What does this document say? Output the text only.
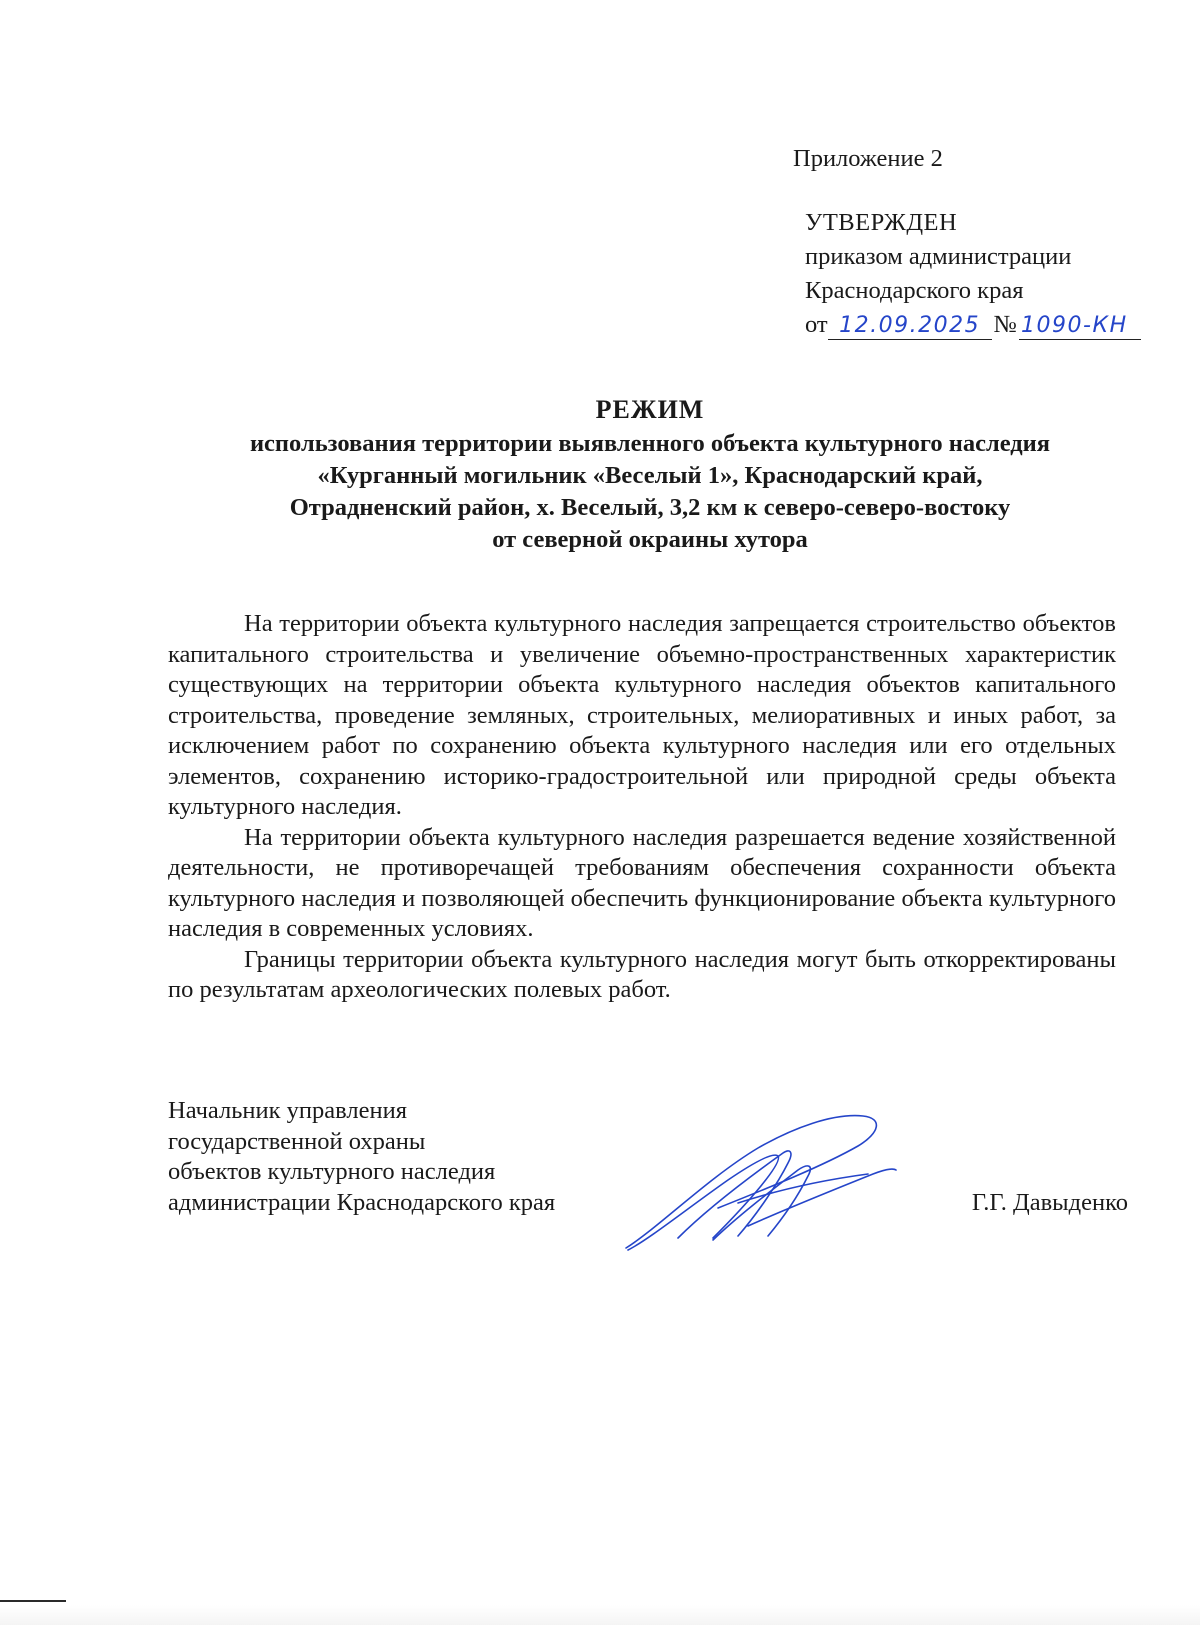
Приложение 2
УТВЕРЖДЕН
приказом администрации
Краснодарского края
от 12.09.2025 № 1090-КН
РЕЖИМ
использования территории выявленного объекта культурного наследия
«Курганный могильник «Веселый 1», Краснодарский край,
Отрадненский район, х. Веселый, 3,2 км к северо-северо-востоку
от северной окраины хутора

На территории объекта культурного наследия запрещается строительство объектов капитального строительства и увеличение объемно-пространственных характеристик существующих на территории объекта культурного наследия объектов капитального строительства, проведение земляных, строительных, мелиоративных и иных работ, за исключением работ по сохранению объекта культурного наследия или его отдельных элементов, сохранению историко-градостроительной или природной среды объекта культурного наследия.

На территории объекта культурного наследия разрешается ведение хозяйственной деятельности, не противоречащей требованиям обеспечения сохранности объекта культурного наследия и позволяющей обеспечить функционирование объекта культурного наследия в современных условиях.

Границы территории объекта культурного наследия могут быть откорректированы по результатам археологических полевых работ.

Начальник управления
государственной охраны
объектов культурного наследия
администрации Краснодарского края	Г.Г. Давыденко
